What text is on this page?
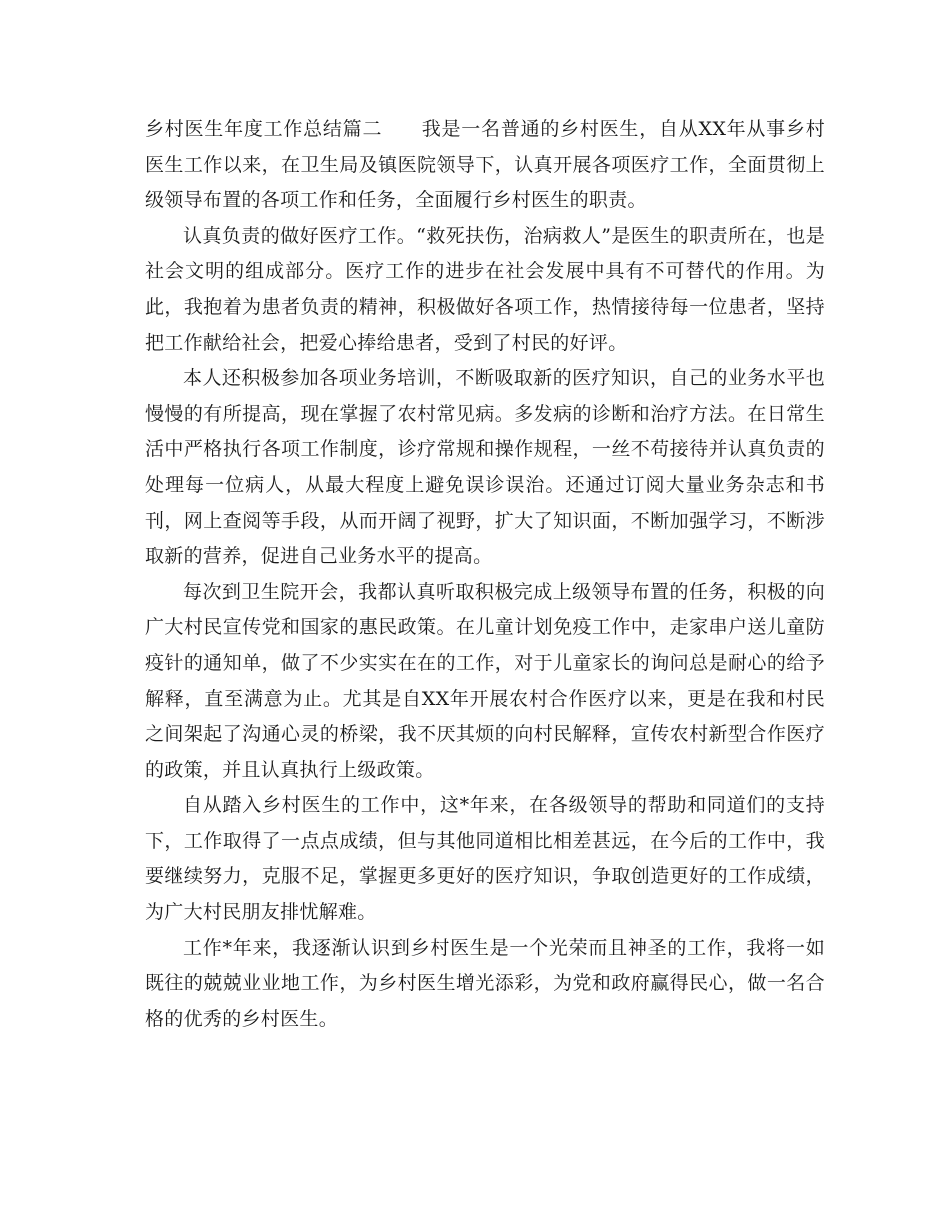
乡村医生年度工作总结篇二　　我是一名普通的乡村医生，自从XX年从事乡村医生工作以来，在卫生局及镇医院领导下，认真开展各项医疗工作，全面贯彻上级领导布置的各项工作和任务，全面履行乡村医生的职责。

认真负责的做好医疗工作。“救死扶伤，治病救人”是医生的职责所在，也是社会文明的组成部分。医疗工作的进步在社会发展中具有不可替代的作用。为此，我抱着为患者负责的精神，积极做好各项工作，热情接待每一位患者，坚持把工作献给社会，把爱心捧给患者，受到了村民的好评。

本人还积极参加各项业务培训，不断吸取新的医疗知识，自己的业务水平也慢慢的有所提高，现在掌握了农村常见病。多发病的诊断和治疗方法。在日常生活中严格执行各项工作制度，诊疗常规和操作规程，一丝不苟接待并认真负责的处理每一位病人，从最大程度上避免误诊误治。还通过订阅大量业务杂志和书刊，网上查阅等手段，从而开阔了视野，扩大了知识面，不断加强学习，不断涉取新的营养，促进自己业务水平的提高。

每次到卫生院开会，我都认真听取积极完成上级领导布置的任务，积极的向广大村民宣传党和国家的惠民政策。在儿童计划免疫工作中，走家串户送儿童防疫针的通知单，做了不少实实在在的工作，对于儿童家长的询问总是耐心的给予解释，直至满意为止。尤其是自XX年开展农村合作医疗以来，更是在我和村民之间架起了沟通心灵的桥梁，我不厌其烦的向村民解释，宣传农村新型合作医疗的政策，并且认真执行上级政策。

自从踏入乡村医生的工作中，这*年来，在各级领导的帮助和同道们的支持下，工作取得了一点点成绩，但与其他同道相比相差甚远，在今后的工作中，我要继续努力，克服不足，掌握更多更好的医疗知识，争取创造更好的工作成绩，为广大村民朋友排忧解难。

工作*年来，我逐渐认识到乡村医生是一个光荣而且神圣的工作，我将一如既往的兢兢业业地工作，为乡村医生增光添彩，为党和政府赢得民心，做一名合格的优秀的乡村医生。
